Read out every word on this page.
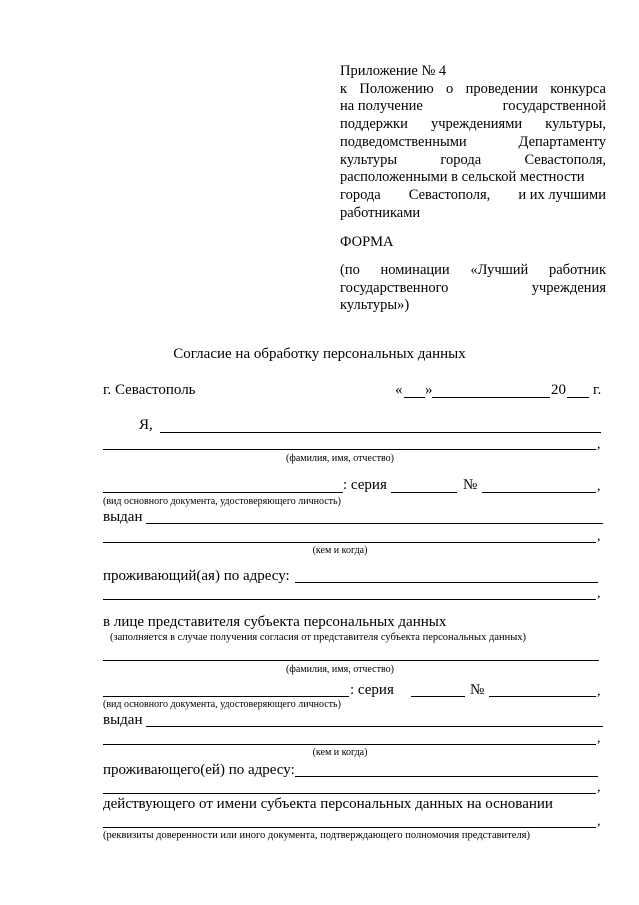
Приложение № 4
к Положению о проведении конкурса
на получение	государственной
поддержки учреждениями культуры,
подведомственными	Департаменту
культуры	города	Севастополя,
расположенными в сельской местности
города Севастополя, и их лучшими
работниками
ФОРМА
(по номинации «Лучший работник
государственного	учреждения
культуры»)
Согласие на обработку персональных данных
г. Севастополь	« »	20 г.
Я,
,
(фамилия, имя, отчество)
: серия	№	,
(вид основного документа, удостоверяющего личность)
выдан
,
(кем и когда)
проживающий(ая) по адресу:
,
в лице представителя субъекта персональных данных
(заполняется в случае получения согласия от представителя субъекта персональных данных)
(фамилия, имя, отчество)
: серия	№	,
(вид основного документа, удостоверяющего личность)
выдан
,
(кем и когда)
проживающего(ей) по адресу:
,
действующего от имени субъекта персональных данных на основании
,
(реквизиты доверенности или иного документа, подтверждающего полномочия представителя)
